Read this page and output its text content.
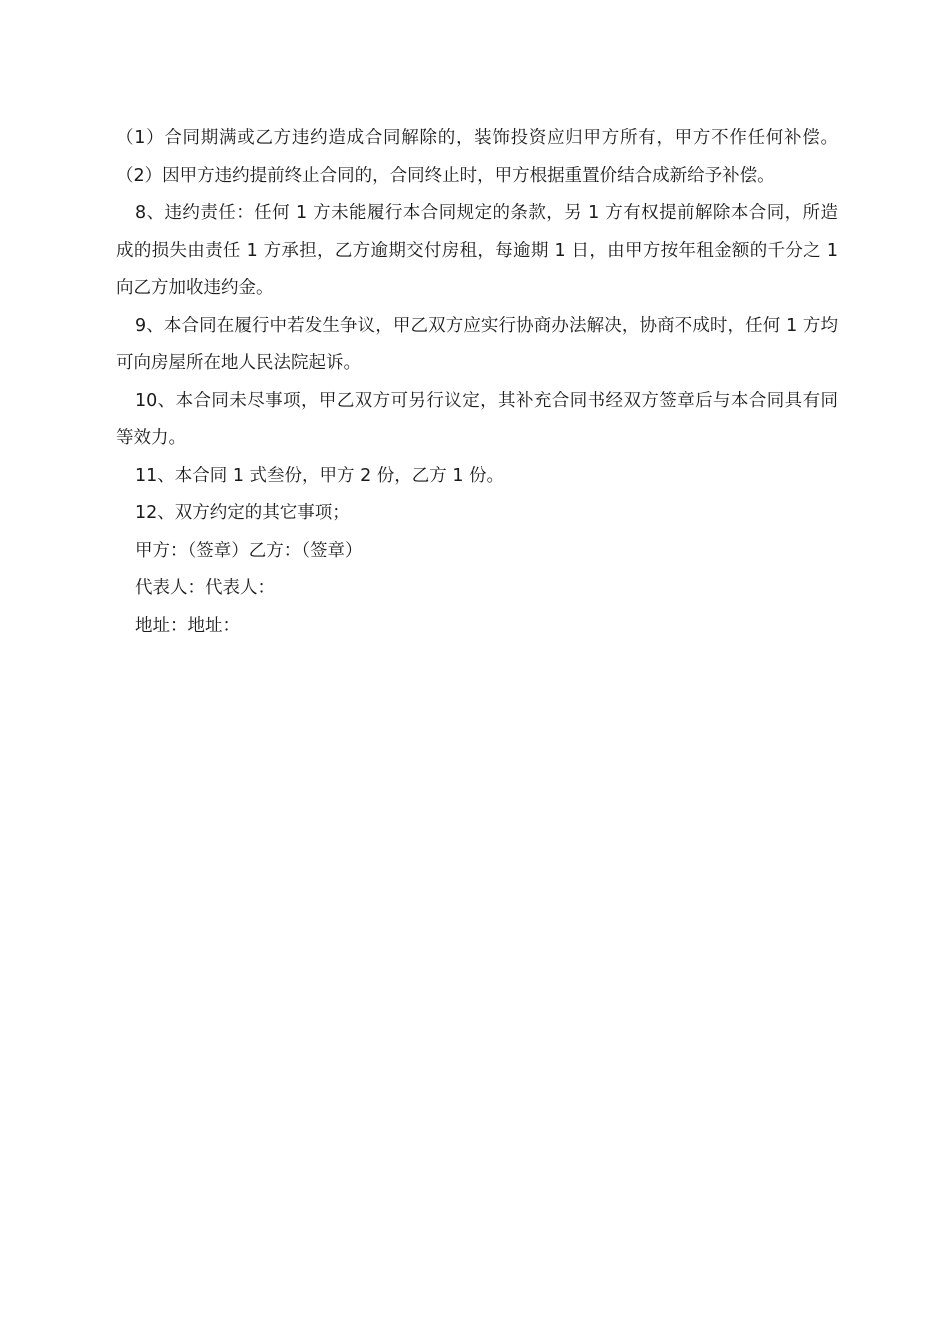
（1）合同期满或乙方违约造成合同解除的，装饰投资应归甲方所有，甲方不作任何补偿。（2）因甲方违约提前终止合同的，合同终止时，甲方根据重置价结合成新给予补偿。

8、违约责任：任何 1 方未能履行本合同规定的条款，另 1 方有权提前解除本合同，所造成的损失由责任 1 方承担，乙方逾期交付房租，每逾期 1 日，由甲方按年租金额的千分之 1 向乙方加收违约金。

9、本合同在履行中若发生争议，甲乙双方应实行协商办法解决，协商不成时，任何 1 方均可向房屋所在地人民法院起诉。

10、本合同未尽事项，甲乙双方可另行议定，其补充合同书经双方签章后与本合同具有同等效力。

11、本合同 1 式叁份，甲方 2 份，乙方 1 份。

12、双方约定的其它事项；

甲方：（签章）乙方：（签章）

代表人：代表人：

地址：地址：
